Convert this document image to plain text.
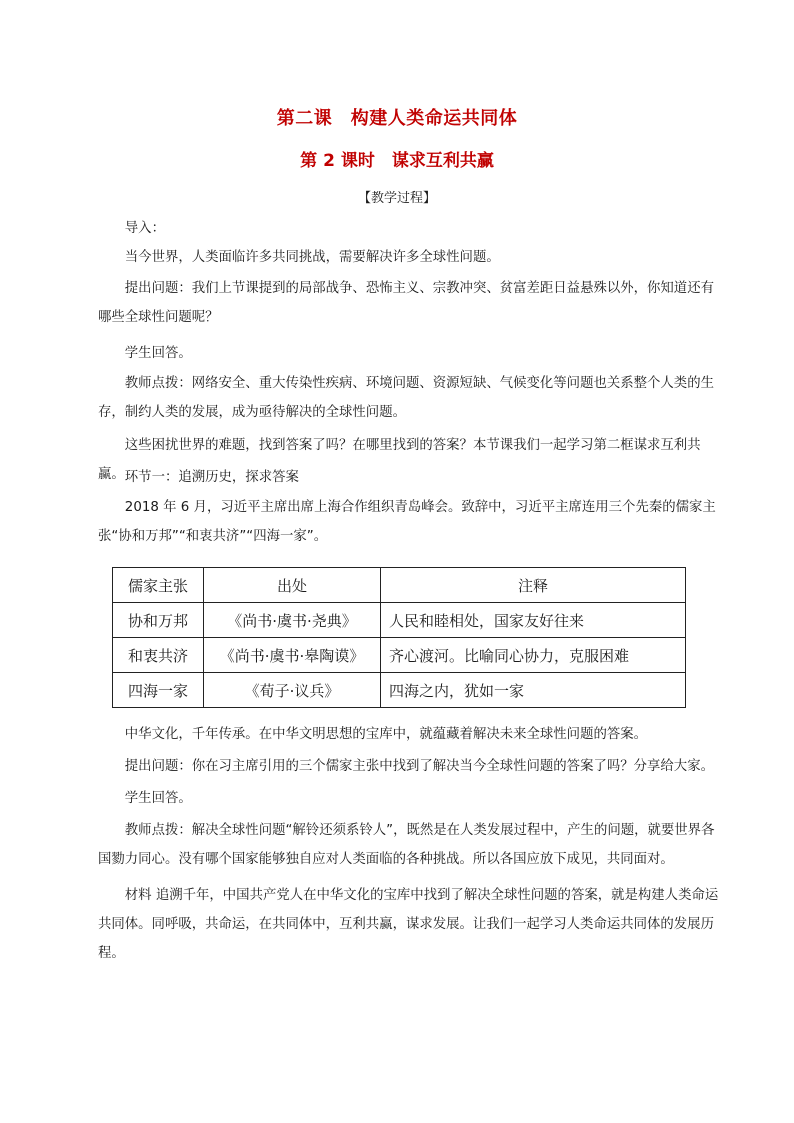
第二课　构建人类命运共同体
第 2 课时　谋求互利共赢
【教学过程】
导入：
当今世界，人类面临许多共同挑战，需要解决许多全球性问题。
提出问题：我们上节课提到的局部战争、恐怖主义、宗教冲突、贫富差距日益悬殊以外，你知道还有哪些全球性问题呢？
学生回答。
教师点拨：网络安全、重大传染性疾病、环境问题、资源短缺、气候变化等问题也关系整个人类的生存，制约人类的发展，成为亟待解决的全球性问题。
这些困扰世界的难题，找到答案了吗？在哪里找到的答案？本节课我们一起学习第二框谋求互利共赢。 环节一：追溯历史，探求答案
2018 年 6 月，习近平主席出席上海合作组织青岛峰会。致辞中，习近平主席连用三个先秦的儒家主张“协和万邦”“和衷共济”“四海一家”。
儒家主张	出处	注释
协和万邦	《尚书·虞书·尧典》	人民和睦相处，国家友好往来
和衷共济	《尚书·虞书·皋陶谟》	齐心渡河。比喻同心协力，克服困难
四海一家	《荀子·议兵》	四海之内，犹如一家
中华文化，千年传承。在中华文明思想的宝库中，就蕴藏着解决未来全球性问题的答案。
提出问题：你在习主席引用的三个儒家主张中找到了解决当今全球性问题的答案了吗？分享给大家。
学生回答。
教师点拨：解决全球性问题“解铃还须系铃人”，既然是在人类发展过程中，产生的问题，就要世界各国勠力同心。没有哪个国家能够独自应对人类面临的各种挑战。所以各国应放下成见，共同面对。
材料 追溯千年，中国共产党人在中华文化的宝库中找到了解决全球性问题的答案，就是构建人类命运共同体。同呼吸，共命运，在共同体中，互利共赢，谋求发展。让我们一起学习人类命运共同体的发展历程。
